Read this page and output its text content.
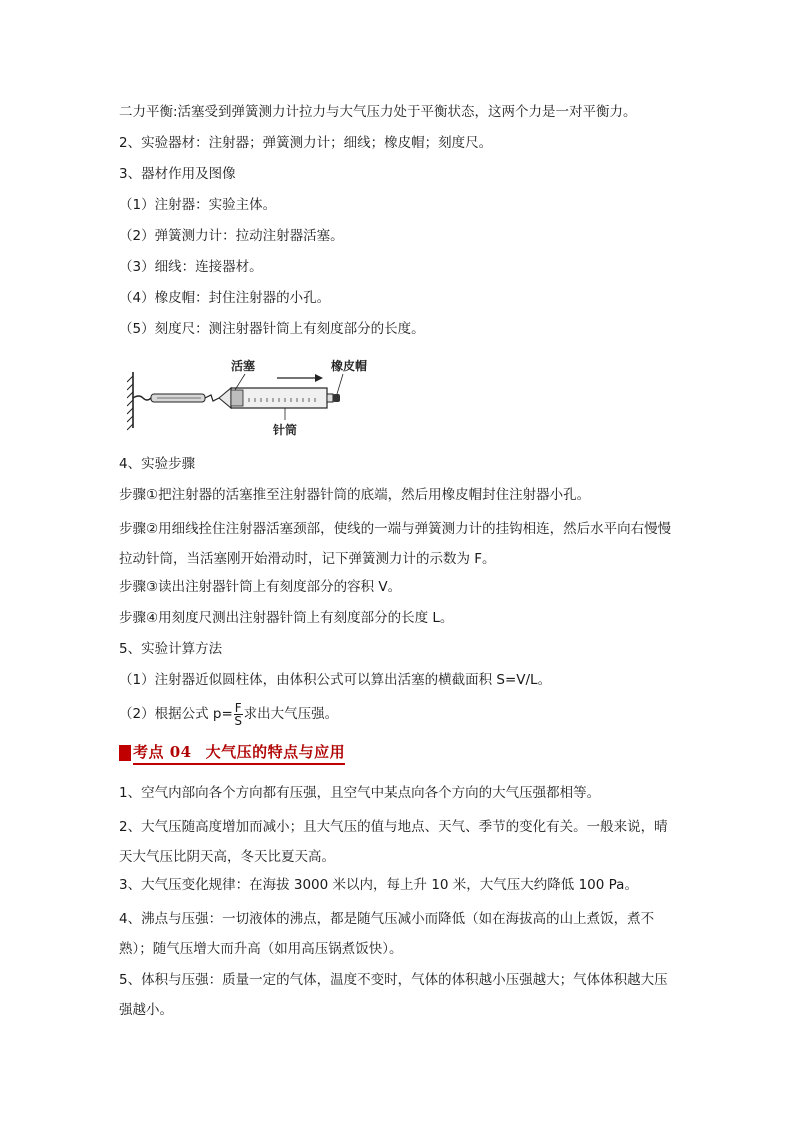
二力平衡:活塞受到弹簧测力计拉力与大气压力处于平衡状态，这两个力是一对平衡力。
2、实验器材：注射器；弹簧测力计；细线；橡皮帽；刻度尺。
3、器材作用及图像
（1）注射器：实验主体。
（2）弹簧测力计：拉动注射器活塞。
（3）细线：连接器材。
（4）橡皮帽：封住注射器的小孔。
（5）刻度尺：测注射器针筒上有刻度部分的长度。
活塞	橡皮帽
针筒
4、实验步骤
步骤①把注射器的活塞推至注射器针筒的底端，然后用橡皮帽封住注射器小孔。
步骤②用细线拴住注射器活塞颈部，使线的一端与弹簧测力计的挂钩相连，然后水平向右慢慢拉动针筒，当活塞刚开始滑动时，记下弹簧测力计的示数为 F。
步骤③读出注射器针筒上有刻度部分的容积 V。
步骤④用刻度尺测出注射器针筒上有刻度部分的长度 L。
5、实验计算方法
（1）注射器近似圆柱体，由体积公式可以算出活塞的横截面积 S=V/L。
（2）根据公式 $p= \frac{F}{S}$ 求出大气压强。
考点 04 大气压的特点与应用
1、空气内部向各个方向都有压强，且空气中某点向各个方向的大气压强都相等。
2、大气压随高度增加而减小；且大气压的值与地点、天气、季节的变化有关。一般来说，晴天大气压比阴天高，冬天比夏天高。
3、大气压变化规律：在海拔 3000 米以内，每上升 10 米，大气压大约降低 100 Pa。
4、沸点与压强：一切液体的沸点，都是随气压减小而降低（如在海拔高的山上煮饭，煮不熟）；随气压增大而升高（如用高压锅煮饭快）。
5、体积与压强：质量一定的气体，温度不变时，气体的体积越小压强越大；气体体积越大压强越小。
